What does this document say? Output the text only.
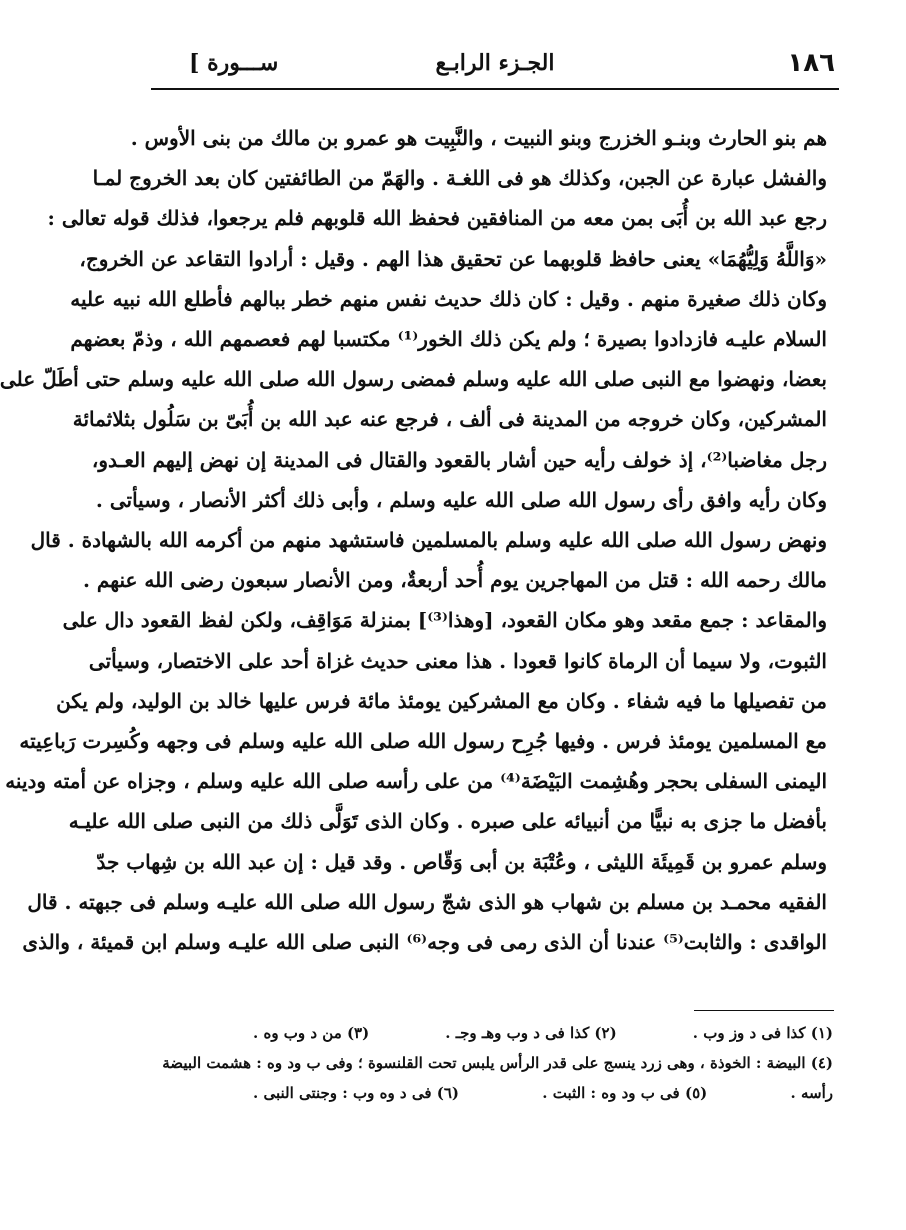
١٨٦
الجـزء الرابـع
[ ســـورة
هم بنو الحارث وبنـو الخزرج وبنو النبيت ، والنَّبِيت هو عمرو بن مالك من بنى الأوس .
والفشل عبارة عن الجبن، وكذلك هو فى اللغـة . والهَمّ من الطائفتين كان بعد الخروج لمـا
رجع عبد الله بن أُبَى بمن معه من المنافقين فحفظ الله قلوبهم فلم يرجعوا، فذلك قوله تعالى :
«وَاللَّهُ وَلِيُّهُمَا» يعنى حافظ قلوبهما عن تحقيق هذا الهم . وقيل : أرادوا التقاعد عن الخروج،
وكان ذلك صغيرة منهم . وقيل : كان ذلك حديث نفس منهم خطر ببالهم فأطلع الله نبيه عليه
السلام عليـه فازدادوا بصيرة ؛ ولم يكن ذلك الخور⁽¹⁾ مكتسبا لهم فعصمهم الله ، وذمّ بعضهم
بعضا، ونهضوا مع النبى صلى الله عليه وسلم فمضى رسول الله صلى الله عليه وسلم حتى أطَلّ على
المشركين، وكان خروجه من المدينة فى ألف ، فرجع عنه عبد الله بن أُبَىّ بن سَلُول بثلاثمائة
رجل مغاضبا⁽²⁾، إذ خولف رأيه حين أشار بالقعود والقتال فى المدينة إن نهض إليهم العـدو،
وكان رأيه وافق رأى رسول الله صلى الله عليه وسلم ، وأبى ذلك أكثر الأنصار ، وسيأتى .
ونهض رسول الله صلى الله عليه وسلم بالمسلمين فاستشهد منهم من أكرمه الله بالشهادة . قال
مالك رحمه الله : قتل من المهاجرين يوم أُحد أربعةٌ، ومن الأنصار سبعون رضى الله عنهم .
والمقاعد : جمع مقعد وهو مكان القعود، [وهذا⁽³⁾] بمنزلة مَوَاقِف، ولكن لفظ القعود دال على
الثبوت، ولا سيما أن الرماة كانوا قعودا . هذا معنى حديث غزاة أحد على الاختصار، وسيأتى
من تفصيلها ما فيه شفاء . وكان مع المشركين يومئذ مائة فرس عليها خالد بن الوليد، ولم يكن
مع المسلمين يومئذ فرس . وفيها جُرِح رسول الله صلى الله عليه وسلم فى وجهه وكُسِرت رَباعِيته
اليمنى السفلى بحجر وهُشِمت البَيْضَة⁽⁴⁾ من على رأسه صلى الله عليه وسلم ، وجزاه عن أمته ودينه
بأفضل ما جزى به نبيًّا من أنبيائه على صبره . وكان الذى تَوَلَّى ذلك من النبى صلى الله عليـه
وسلم عمرو بن قَمِيئَة الليثى ، وعُتْبَة بن أبى وَقّاص . وقد قيل : إن عبد الله بن شِهاب جدّ
الفقيه محمـد بن مسلم بن شهاب هو الذى شجّ رسول الله صلى الله عليـه وسلم فى جبهته . قال
الواقدى : والثابت⁽⁵⁾ عندنا أن الذى رمى فى وجه⁽⁶⁾ النبى صلى الله عليـه وسلم ابن قميئة ، والذى
(١) كذا فى د وز وب .
(٢) كذا فى د وب وهـ وجـ .
(٣) من د وب وه .
(٤) البيضة : الخوذة ، وهى زرد ينسج على قدر الرأس يلبس تحت القلنسوة ؛ وفى ب ود وه : هشمت البيضة
رأسه .
(٥) فى ب ود وه : الثبت .
(٦) فى د وه وب : وجنتى النبى .
